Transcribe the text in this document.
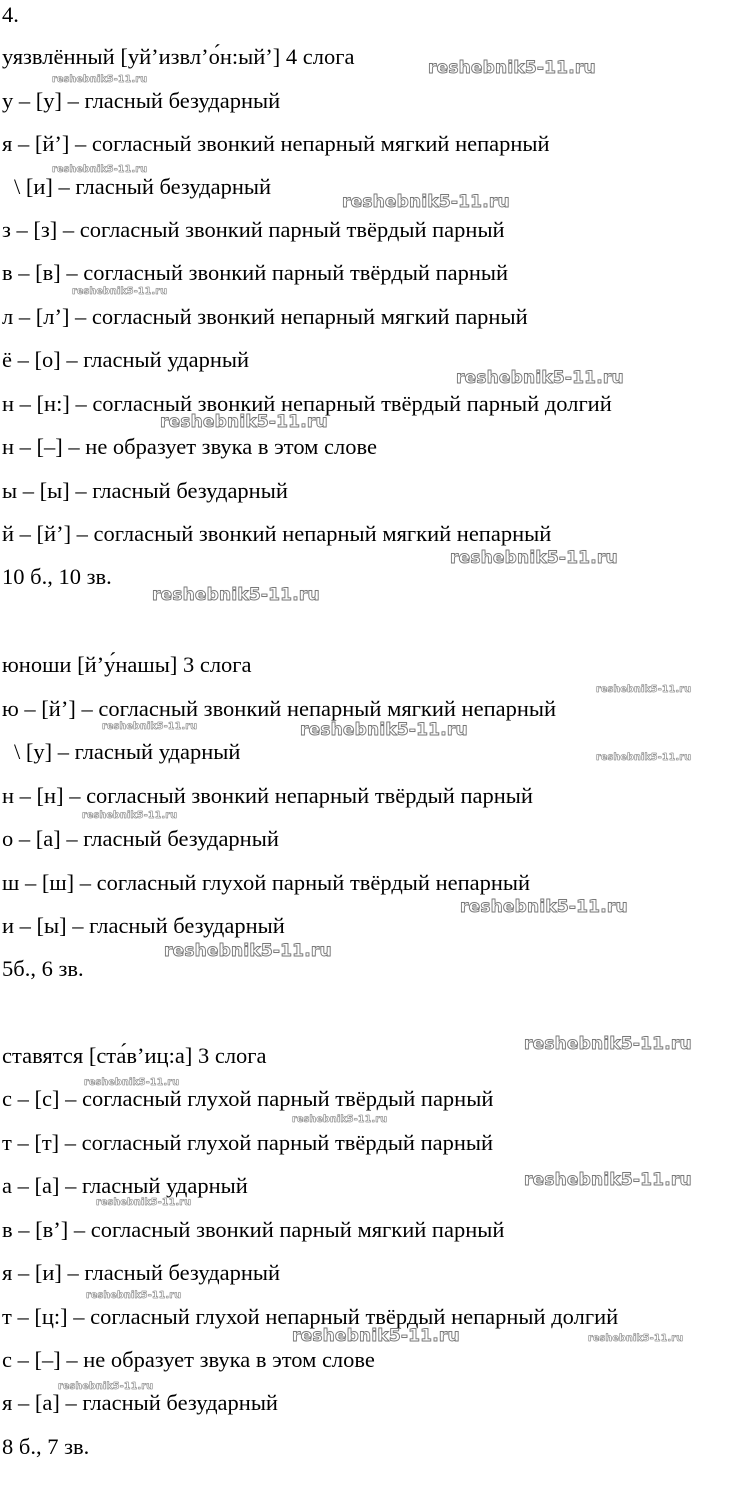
4.
уязвлённый [уй’извл’о́н:ый’] 4 слога
у – [у] – гласный безударный
я – [й’] – согласный звонкий непарный мягкий непарный
\ [и] – гласный безударный
з – [з] – согласный звонкий парный твёрдый парный
в – [в] – согласный звонкий парный твёрдый парный
л – [л’] – согласный звонкий непарный мягкий парный
ё – [о] – гласный ударный
н – [н:] – согласный звонкий непарный твёрдый парный долгий
н – [–] – не образует звука в этом слове
ы – [ы] – гласный безударный
й – [й’] – согласный звонкий непарный мягкий непарный
10 б., 10 зв.
юноши [й’у́нашы] 3 слога
ю – [й’] – согласный звонкий непарный мягкий непарный
\ [у] – гласный ударный
н – [н] – согласный звонкий непарный твёрдый парный
о – [а] – гласный безударный
ш – [ш] – согласный глухой парный твёрдый непарный
и – [ы] – гласный безударный
5б., 6 зв.
ставятся [ста́в’иц:а] 3 слога
с – [с] – согласный глухой парный твёрдый парный
т – [т] – согласный глухой парный твёрдый парный
а – [а] – гласный ударный
в – [в’] – согласный звонкий парный мягкий парный
я – [и] – гласный безударный
т – [ц:] – согласный глухой непарный твёрдый непарный долгий
с – [–] – не образует звука в этом слове
я – [а] – гласный безударный
8 б., 7 зв.
reshebnik5-11.ru
reshebnik5-11.ru
reshebnik5-11.ru
reshebnik5-11.ru
reshebnik5-11.ru
reshebnik5-11.ru
reshebnik5-11.ru
reshebnik5-11.ru
reshebnik5-11.ru
reshebnik5-11.ru
reshebnik5-11.ru	reshebnik5-11.ru
reshebnik5-11.ru
reshebnik5-11.ru
reshebnik5-11.ru
reshebnik5-11.ru
reshebnik5-11.ru
reshebnik5-11.ru
reshebnik5-11.ru
reshebnik5-11.ru
reshebnik5-11.ru
reshebnik5-11.ru
reshebnik5-11.ru	reshebnik5-11.ru
reshebnik5-11.ru
